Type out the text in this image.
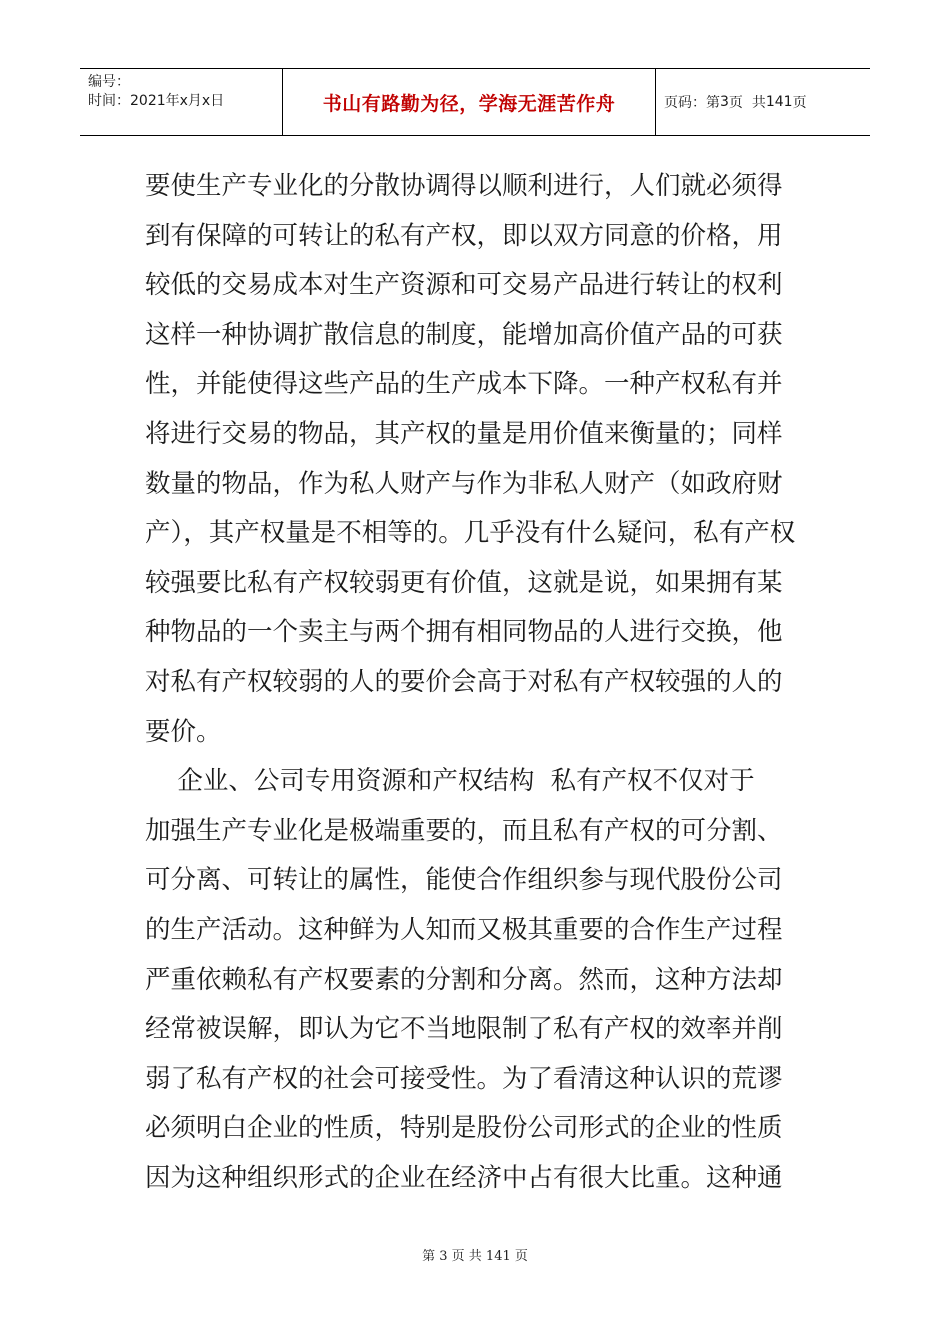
编号：
时间：2021年x月x日	书山有路勤为径，学海无涯苦作舟	页码：第 3 页  共 141 页
要使生产专业化的分散协调得以顺利进行，人们就必须得
到有保障的可转让的私有产权，即以双方同意的价格，用
较低的交易成本对生产资源和可交易产品进行转让的权利
这样一种协调扩散信息的制度，能增加高价值产品的可获
性，并能使得这些产品的生产成本下降。一种产权私有并
将进行交易的物品，其产权的量是用价值来衡量的；同样
数量的物品，作为私人财产与作为非私人财产（如政府财
产），其产权量是不相等的。几乎没有什么疑问，私有产权
较强要比私有产权较弱更有价值，这就是说，如果拥有某
种物品的一个卖主与两个拥有相同物品的人进行交换，他
对私有产权较弱的人的要价会高于对私有产权较强的人的
要价。
企业、公司专用资源和产权结构  私有产权不仅对于
加强生产专业化是极端重要的，而且私有产权的可分割、
可分离、可转让的属性，能使合作组织参与现代股份公司
的生产活动。这种鲜为人知而又极其重要的合作生产过程
严重依赖私有产权要素的分割和分离。然而，这种方法却
经常被误解，即认为它不当地限制了私有产权的效率并削
弱了私有产权的社会可接受性。为了看清这种认识的荒谬
必须明白企业的性质，特别是股份公司形式的企业的性质
因为这种组织形式的企业在经济中占有很大比重。这种通
第 3 页 共 141 页
